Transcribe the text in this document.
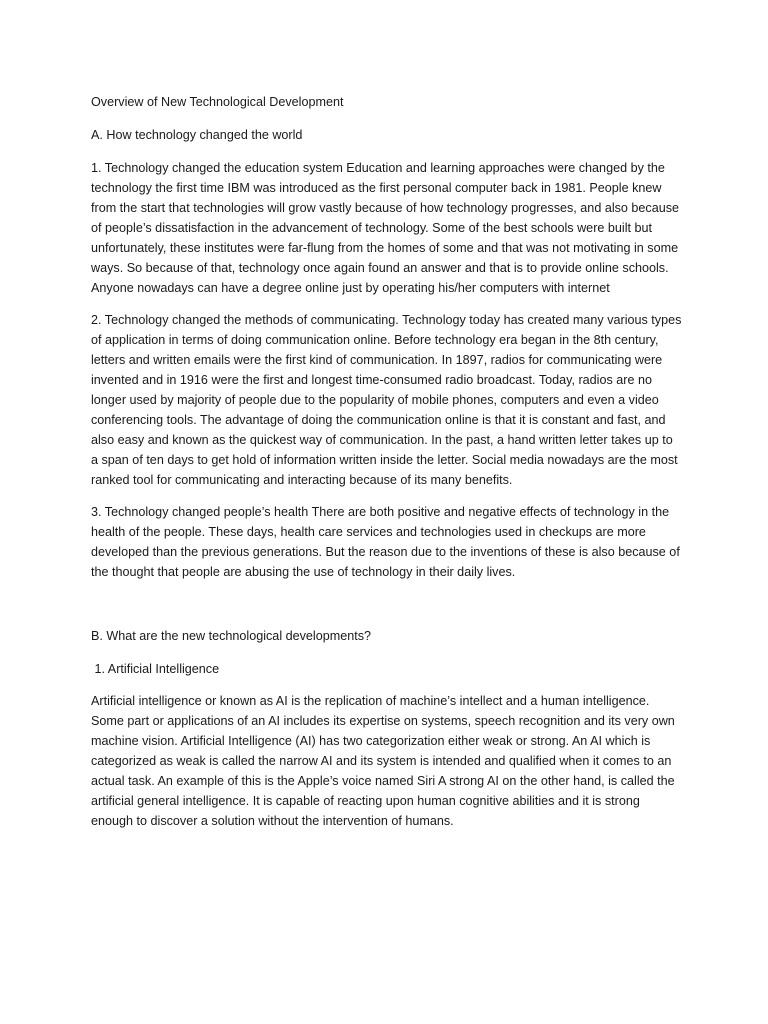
Overview of New Technological Development

A. How technology changed the world

1. Technology changed the education system Education and learning approaches were changed by the technology the first time IBM was introduced as the first personal computer back in 1981. People knew from the start that technologies will grow vastly because of how technology progresses, and also because of people’s dissatisfaction in the advancement of technology. Some of the best schools were built but unfortunately, these institutes were far-flung from the homes of some and that was not motivating in some ways. So because of that, technology once again found an answer and that is to provide online schools. Anyone nowadays can have a degree online just by operating his/her computers with internet

2. Technology changed the methods of communicating. Technology today has created many various types of application in terms of doing communication online. Before technology era began in the 8th century, letters and written emails were the first kind of communication. In 1897, radios for communicating were invented and in 1916 were the first and longest time-consumed radio broadcast. Today, radios are no longer used by majority of people due to the popularity of mobile phones, computers and even a video conferencing tools. The advantage of doing the communication online is that it is constant and fast, and also easy and known as the quickest way of communication. In the past, a hand written letter takes up to a span of ten days to get hold of information written inside the letter. Social media nowadays are the most ranked tool for communicating and interacting because of its many benefits.

3. Technology changed people’s health There are both positive and negative effects of technology in the health of the people. These days, health care services and technologies used in checkups are more developed than the previous generations. But the reason due to the inventions of these is also because of the thought that people are abusing the use of technology in their daily lives.

B. What are the new technological developments?

1. Artificial Intelligence

Artificial intelligence or known as AI is the replication of machine’s intellect and a human intelligence. Some part or applications of an AI includes its expertise on systems, speech recognition and its very own machine vision. Artificial Intelligence (AI) has two categorization either weak or strong. An AI which is categorized as weak is called the narrow AI and its system is intended and qualified when it comes to an actual task. An example of this is the Apple’s voice named Siri A strong AI on the other hand, is called the artificial general intelligence. It is capable of reacting upon human cognitive abilities and it is strong enough to discover a solution without the intervention of humans.
